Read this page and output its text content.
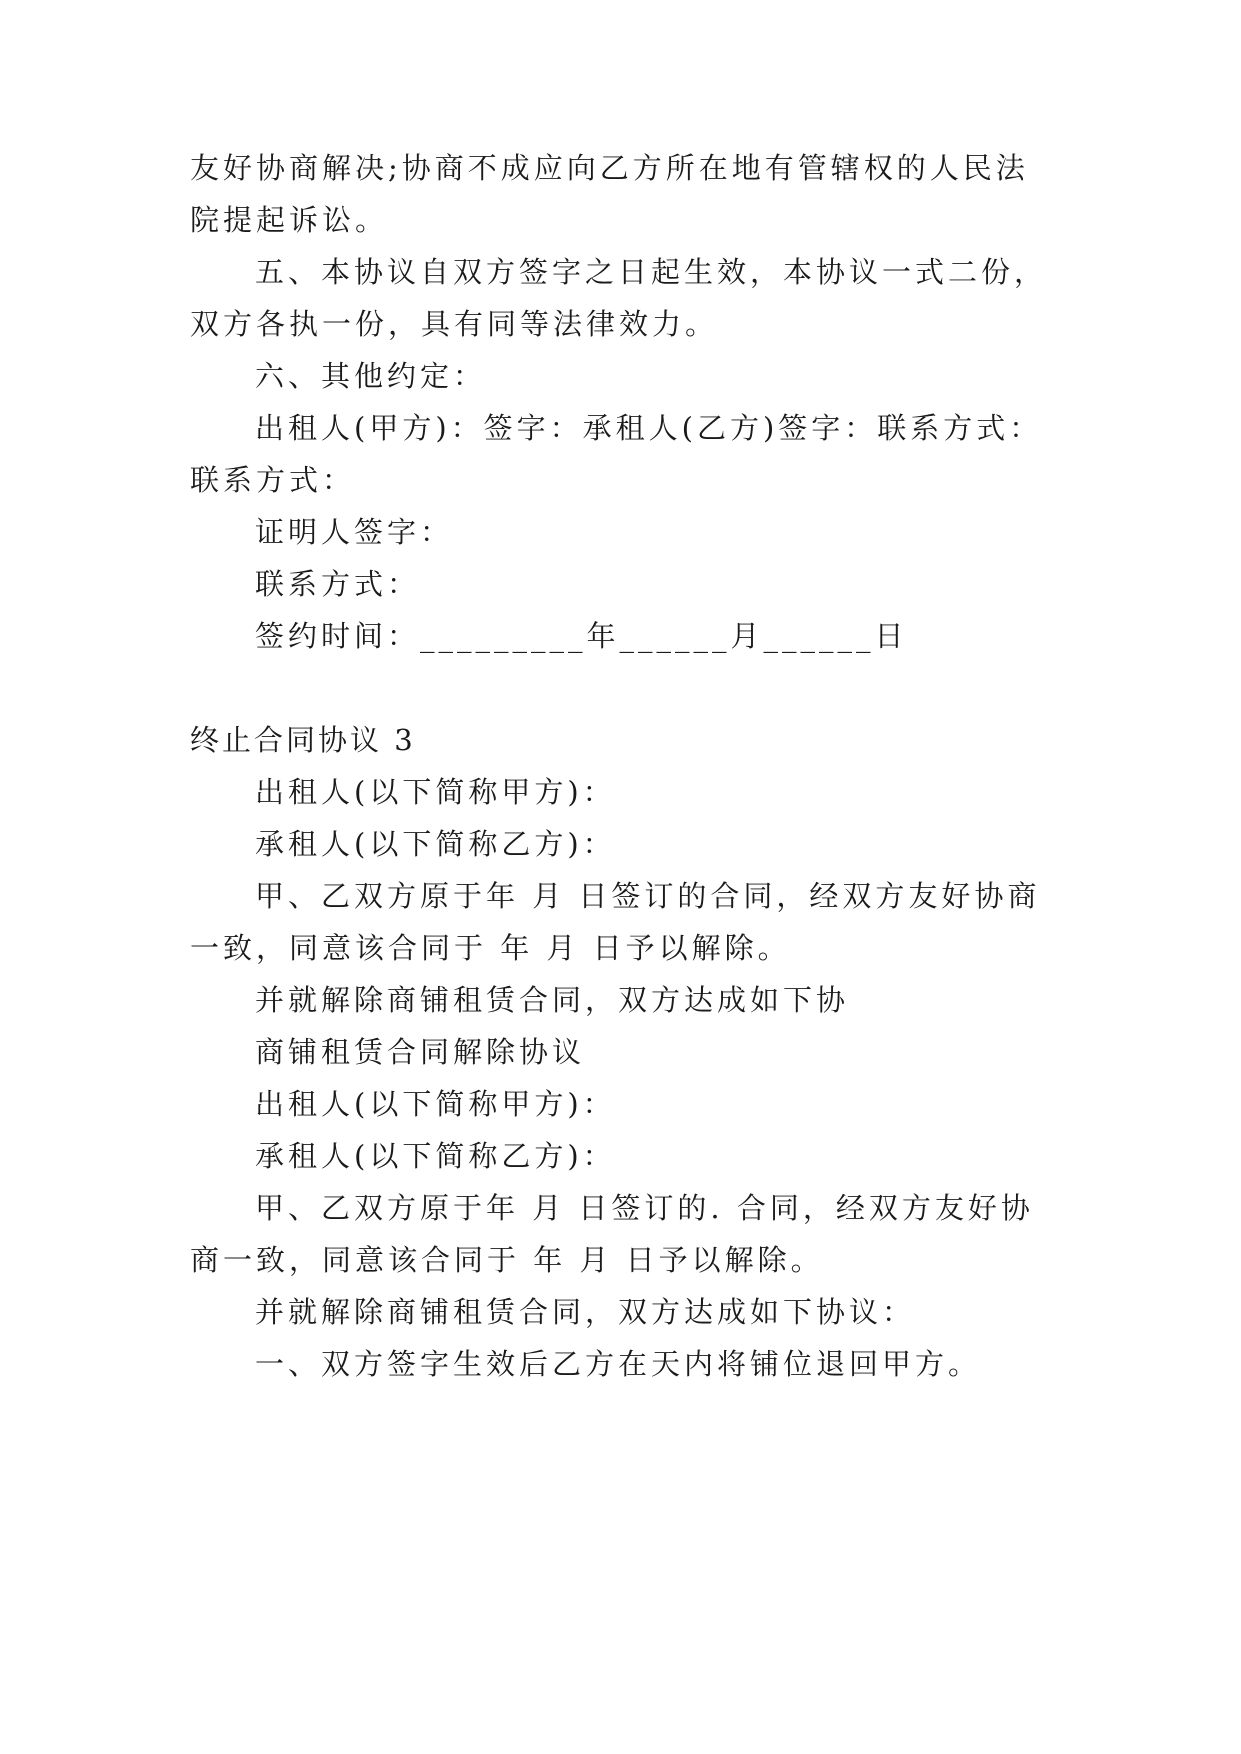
友好协商解决;协商不成应向乙方所在地有管辖权的人民法
院提起诉讼。
五、本协议自双方签字之日起生效，本协议一式二份，
双方各执一份，具有同等法律效力。
六、其他约定：
出租人(甲方)：签字：承租人(乙方)签字：联系方式：
联系方式：
证明人签字：
联系方式：
签约时间：_________年______月______日
终止合同协议 3
出租人(以下简称甲方)：
承租人(以下简称乙方)：
甲、乙双方原于年 月 日签订的合同，经双方友好协商
一致，同意该合同于 年 月 日予以解除。
并就解除商铺租赁合同，双方达成如下协
商铺租赁合同解除协议
出租人(以下简称甲方)：
承租人(以下简称乙方)：
甲、乙双方原于年 月 日签订的. 合同，经双方友好协
商一致，同意该合同于 年 月 日予以解除。
并就解除商铺租赁合同，双方达成如下协议：
一、双方签字生效后乙方在天内将铺位退回甲方。
